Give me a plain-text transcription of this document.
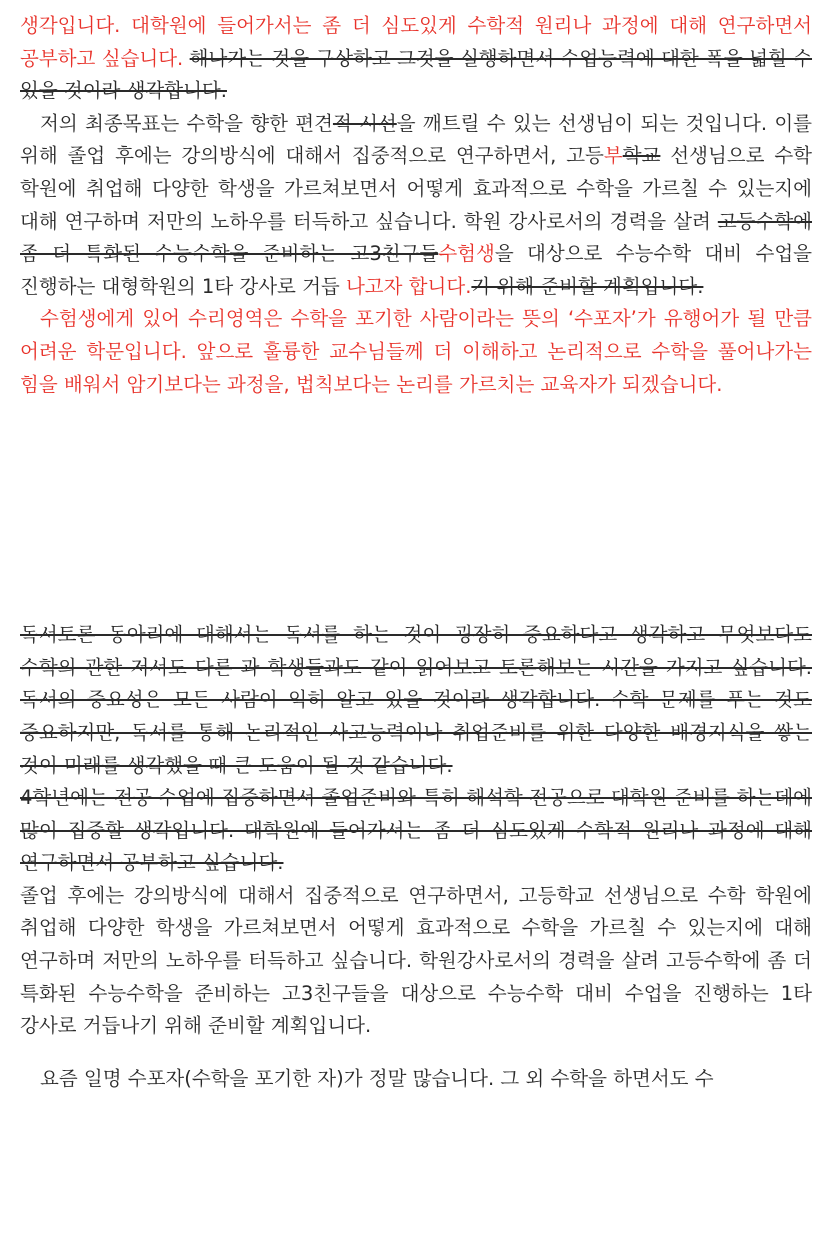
생각입니다. 대학원에 들어가서는 좀 더 심도있게 수학적 원리나 과정에 대해 연구하면서 공부하고 싶습니다. 해나가는 것을 구상하고 그것을 실행하면서 수업능력에 대한 폭을 넓힐 수 있을 것이라 생각합니다.

저의 최종목표는 수학을 향한 편견적 시선을 깨트릴 수 있는 선생님이 되는 것입니다. 이를 위해 졸업 후에는 강의방식에 대해서 집중적으로 연구하면서, 고등부학교 선생님으로 수학 학원에 취업해 다양한 학생을 가르쳐보면서 어떻게 효과적으로 수학을 가르칠 수 있는지에 대해 연구하며 저만의 노하우를 터득하고 싶습니다. 학원 강사로서의 경력을 살려 고등수학에 좀 더 특화된 수능수학을 준비하는 고3친구들수험생을 대상으로 수능수학 대비 수업을 진행하는 대형학원의 1타 강사로 거듭 나고자 합니다.기 위해 준비할 계획입니다.

수험생에게 있어 수리영역은 수학을 포기한 사람이라는 뜻의 ‘수포자’가 유행어가 될 만큼 어려운 학문입니다. 앞으로 훌륭한 교수님들께 더 이해하고 논리적으로 수학을 풀어나가는 힘을 배워서 암기보다는 과정을, 법칙보다는 논리를 가르치는 교육자가 되겠습니다.

독서토론 동아리에 대해서는 독서를 하는 것이 굉장히 중요하다고 생각하고 무엇보다도 수학의 관한 저서도 다른 과 학생들과도 같이 읽어보고 토론해보는 시간을 가지고 싶습니다. 독서의 중요성은 모든 사람이 익히 알고 있을 것이라 생각합니다. 수학 문제를 푸는 것도 중요하지만, 독서를 통해 논리적인 사고능력이나 취업준비를 위한 다양한 배경지식을 쌓는 것이 미래를 생각했을 때 큰 도움이 될 것 같습니다.

4학년에는 전공 수업에 집중하면서 졸업준비와 특히 해석학 전공으로 대학원 준비를 하는데에 많이 집중할 생각입니다. 대학원에 들어가서는 좀 더 심도있게 수학적 원리나 과정에 대해 연구하면서 공부하고 싶습니다.

졸업 후에는 강의방식에 대해서 집중적으로 연구하면서, 고등학교 선생님으로 수학 학원에 취업해 다양한 학생을 가르쳐보면서 어떻게 효과적으로 수학을 가르칠 수 있는지에 대해 연구하며 저만의 노하우를 터득하고 싶습니다. 학원강사로서의 경력을 살려 고등수학에 좀 더 특화된 수능수학을 준비하는 고3친구들을 대상으로 수능수학 대비 수업을 진행하는 1타 강사로 거듭나기 위해 준비할 계획입니다.

요즘 일명 수포자(수학을 포기한 자)가 정말 많습니다. 그 외 수학을 하면서도 수
